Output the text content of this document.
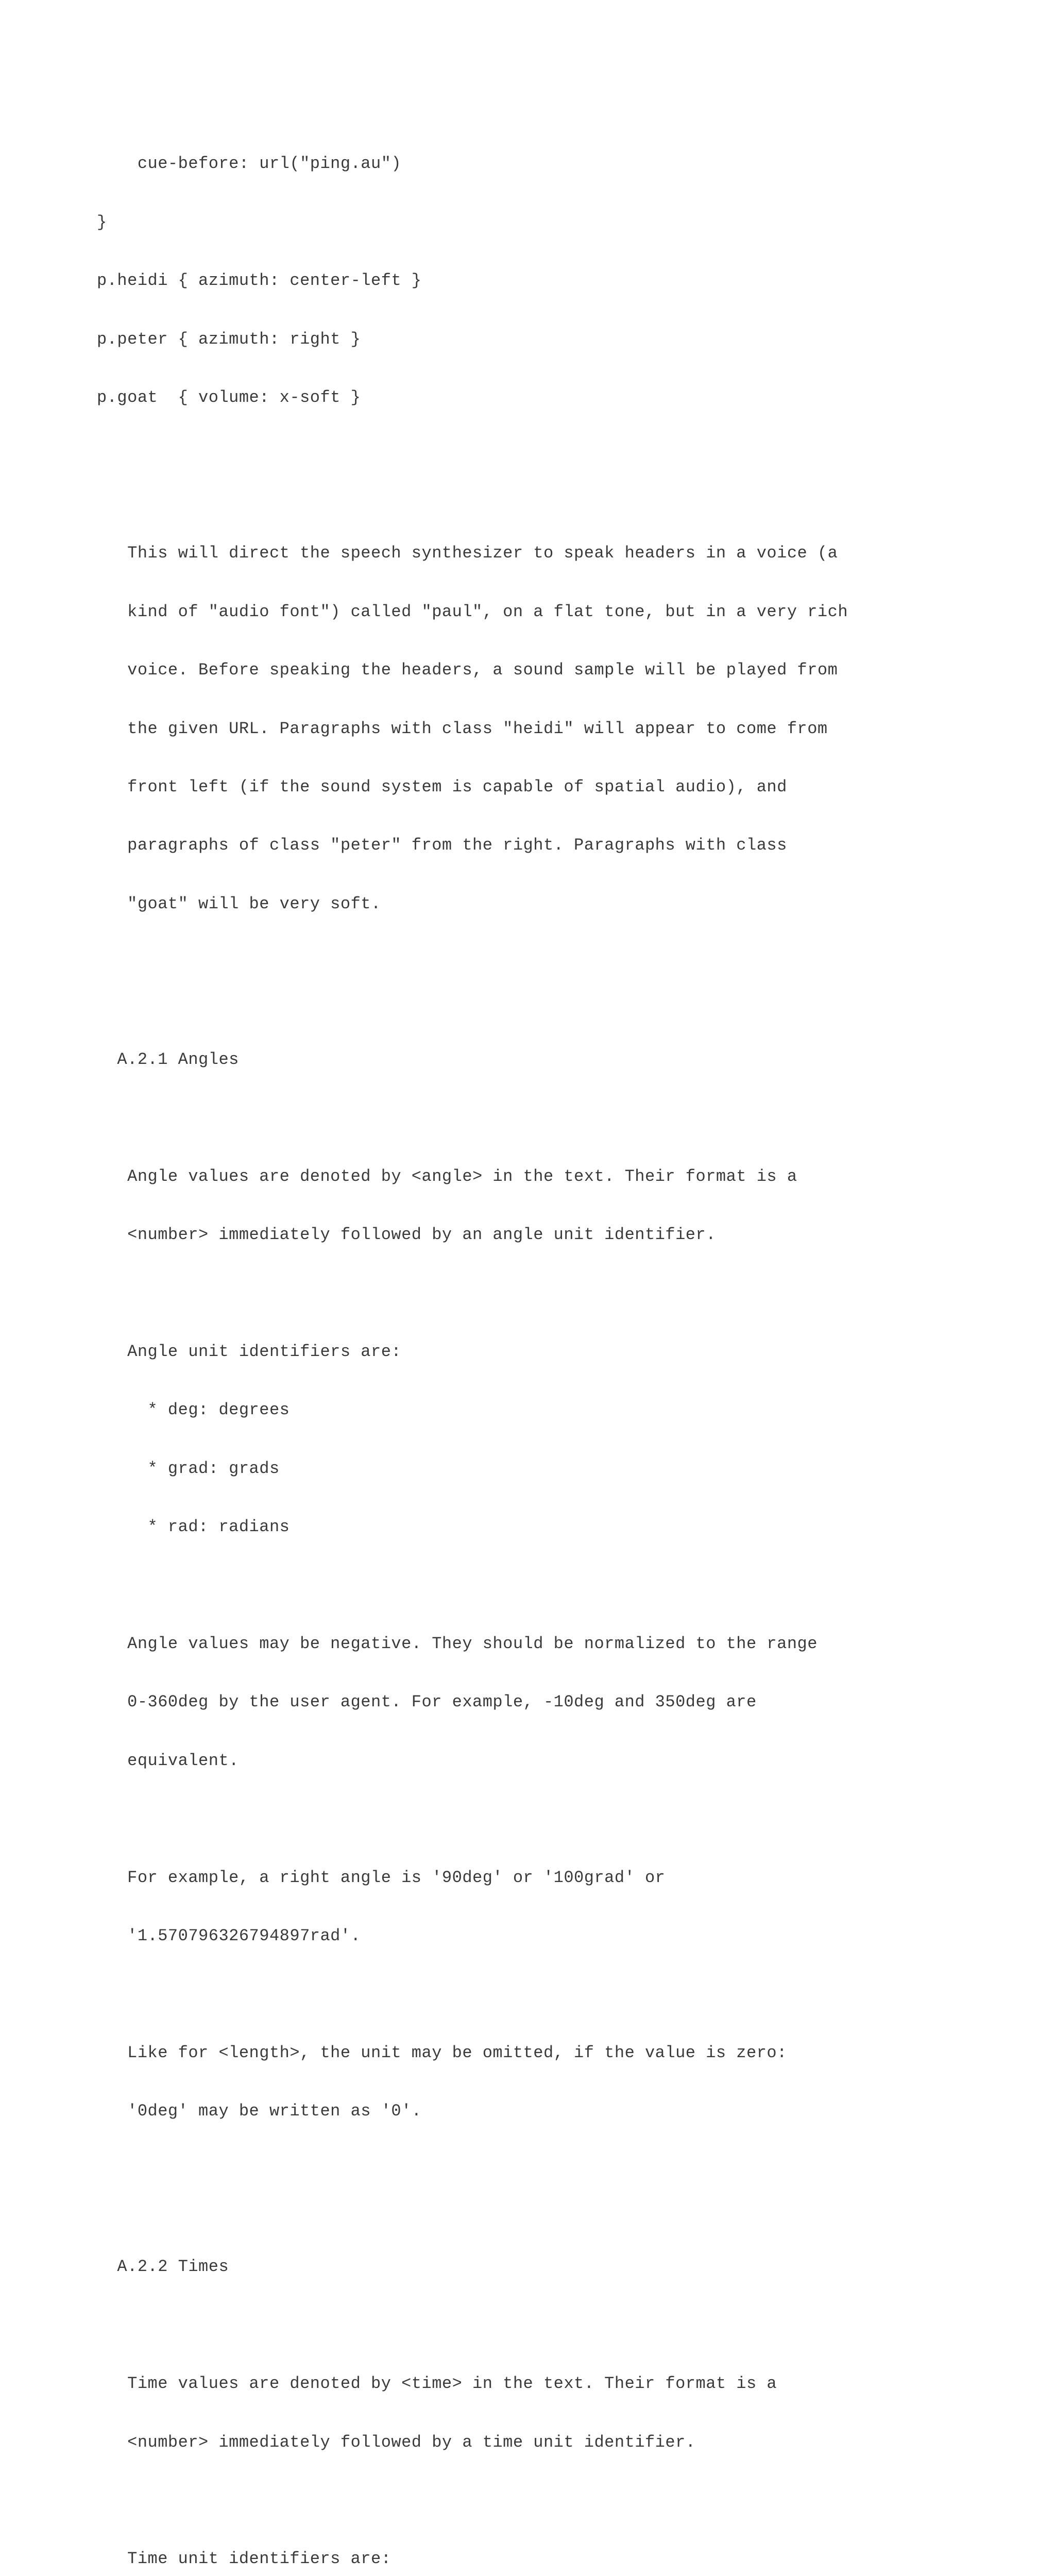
cue-before: url("ping.au")

}

p.heidi { azimuth: center-left }

p.peter { azimuth: right }

p.goat  { volume: x-soft }

This will direct the speech synthesizer to speak headers in a voice (a

kind of "audio font") called "paul", on a flat tone, but in a very rich

voice. Before speaking the headers, a sound sample will be played from

the given URL. Paragraphs with class "heidi" will appear to come from

front left (if the sound system is capable of spatial audio), and

paragraphs of class "peter" from the right. Paragraphs with class

"goat" will be very soft.

A.2.1 Angles

Angle values are denoted by <angle> in the text. Their format is a

<number> immediately followed by an angle unit identifier.

Angle unit identifiers are:

* deg: degrees

* grad: grads

* rad: radians

Angle values may be negative. They should be normalized to the range

0-360deg by the user agent. For example, -10deg and 350deg are

equivalent.

For example, a right angle is '90deg' or '100grad' or

'1.570796326794897rad'.

Like for <length>, the unit may be omitted, if the value is zero:

'0deg' may be written as '0'.

A.2.2 Times

Time values are denoted by <time> in the text. Their format is a

<number> immediately followed by a time unit identifier.

Time unit identifiers are:
